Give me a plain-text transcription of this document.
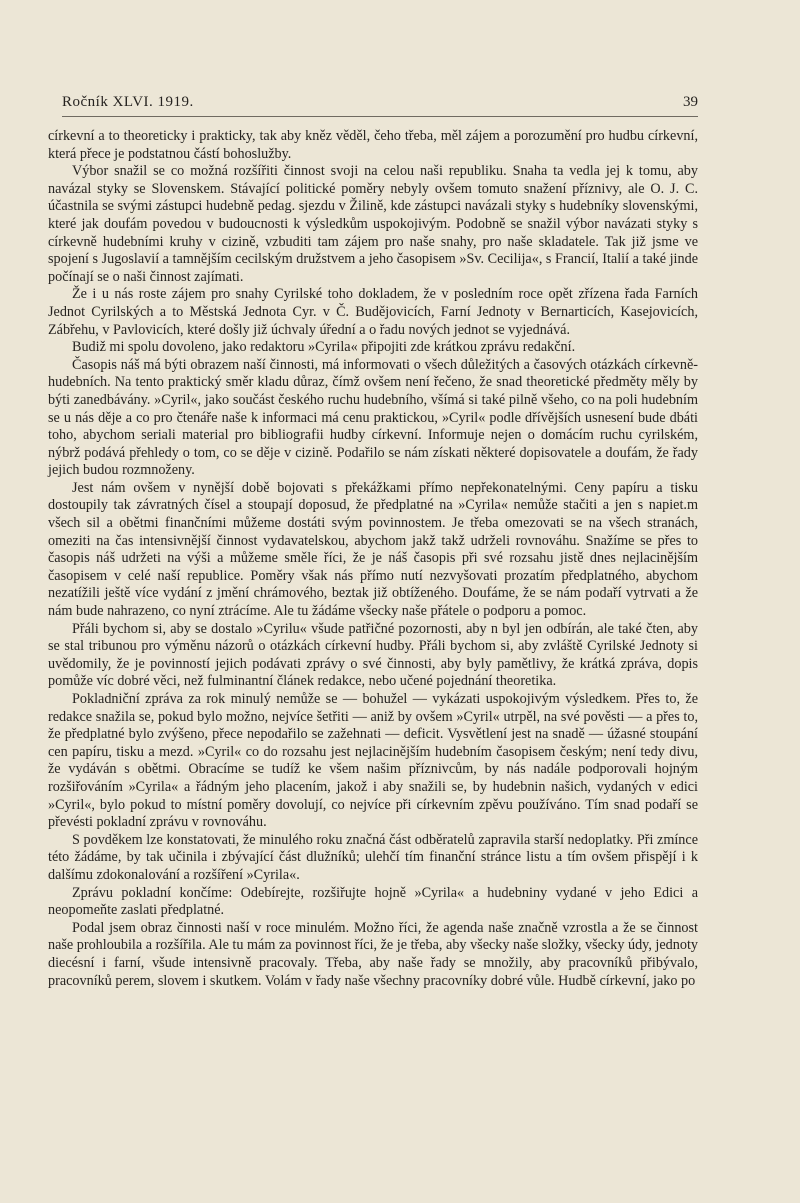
Ročník XLVI. 1919.	39

církevní a to theoreticky i prakticky, tak aby kněz věděl, čeho třeba, měl zájem a porozumění pro hudbu církevní, která přece je podstatnou částí bohoslužby.

Výbor snažil se co možná rozšířiti činnost svoji na celou naši republiku. Snaha ta vedla jej k tomu, aby navázal styky se Slovenskem. Stávající politické poměry nebyly ovšem tomuto snažení příznivy, ale O. J. C. účastnila se svými zástupci hudebně pedag. sjezdu v Žilině, kde zástupci navázali styky s hudebníky slovenskými, které jak doufám povedou v budoucnosti k výsledkům uspokojivým. Podobně se snažil výbor navázati styky s církevně hudebními kruhy v cizině, vzbuditi tam zájem pro naše snahy, pro naše skladatele. Tak již jsme ve spojení s Jugoslavií a tamnějším cecilským družstvem a jeho časopisem »Sv. Cecilija«, s Francií, Italií a také jinde počínají se o naši činnost zajímati.

Že i u nás roste zájem pro snahy Cyrilské toho dokladem, že v posledním roce opět zřízena řada Farních Jednot Cyrilských a to Městská Jednota Cyr. v Č. Budějovicích, Farní Jednoty v Bernarticích, Kasejovicích, Zábřehu, v Pavlovicích, které došly již úchvaly úřední a o řadu nových jednot se vyjednává.

Budiž mi spolu dovoleno, jako redaktoru »Cyrila« připojiti zde krátkou zprávu redakční.

Časopis náš má býti obrazem naší činnosti, má informovati o všech důležitých a časových otázkách církevně-hudebních. Na tento praktický směr kladu důraz, čímž ovšem není řečeno, že snad theoretické předměty měly by býti zanedbávány. »Cyril«, jako součást českého ruchu hudebního, všímá si také pilně všeho, co na poli hudebním se u nás děje a co pro čtenáře naše k informaci má cenu praktickou, »Cyril« podle dřívějších usnesení bude dbáti toho, abychom seriali material pro bibliografii hudby církevní. Informuje nejen o domácím ruchu cyrilském, nýbrž podává přehledy o tom, co se děje v cizině. Podařilo se nám získati některé dopisovatele a doufám, že řady jejich budou rozmnoženy.

Jest nám ovšem v nynější době bojovati s překážkami přímo nepřekonatelnými. Ceny papíru a tisku dostoupily tak závratných čísel a stoupají doposud, že předplatné na »Cyrila« nemůže stačiti a jen s napiet.m všech sil a obětmi finančními můžeme dostáti svým povinnostem. Je třeba omezovati se na všech stranách, omeziti na čas intensivnější činnost vydavatelskou, abychom jakž takž udrželi rovnováhu. Snažíme se přes to časopis náš udržeti na výši a můžeme směle říci, že je náš časopis při své rozsahu jistě dnes nejlacinějším časopisem v celé naší republice. Poměry však nás přímo nutí nezvyšovati prozatím předplatného, abychom nezatížili ještě více vydání z jmění chrámového, beztak již obtíženého. Doufáme, že se nám podaří vytrvati a že nám bude nahrazeno, co nyní ztrácíme. Ale tu žádáme všecky naše přátele o podporu a pomoc.

Přáli bychom si, aby se dostalo »Cyrilu« všude patřičné pozornosti, aby n byl jen odbírán, ale také čten, aby se stal tribunou pro výměnu názorů o otázkách církevní hudby. Přáli bychom si, aby zvláště Cyrilské Jednoty si uvědomily, že je povinností jejich podávati zprávy o své činnosti, aby byly pamětlivy, že krátká zpráva, dopis pomůže víc dobré věci, než fulminantní článek redakce, nebo učené pojednání theoretika.

Pokladniční zpráva za rok minulý nemůže se — bohužel — vykázati uspokojivým výsledkem. Přes to, že redakce snažila se, pokud bylo možno, nejvíce šetřiti — aniž by ovšem »Cyril« utrpěl, na své pověsti — a přes to, že předplatné bylo zvýšeno, přece nepodařilo se zažehnati — deficit. Vysvětlení jest na snadě — úžasné stoupání cen papíru, tisku a mezd. »Cyril« co do rozsahu jest nejlacinějším hudebním časopisem českým; není tedy divu, že vydáván s obětmi. Obracíme se tudíž ke všem našim příznivcům, by nás nadále podporovali hojným rozšiřováním »Cyrila« a řádným jeho placením, jakož i aby snažili se, by hudebnin našich, vydaných v edici »Cyril«, bylo pokud to místní poměry dovolují, co nejvíce při církevním zpěvu používáno. Tím snad podaří se převésti pokladní zprávu v rovnováhu.

S povděkem lze konstatovati, že minulého roku značná část odběratelů zapravila starší nedoplatky. Při zmínce této žádáme, by tak učinila i zbývající část dlužníků; ulehčí tím finanční stránce listu a tím ovšem přispějí i k dalšímu zdokonalování a rozšíření »Cyrila«.

Zprávu pokladní končíme: Odebírejte, rozšiřujte hojně »Cyrila« a hudebniny vydané v jeho Edici a neopomeňte zaslati předplatné.

Podal jsem obraz činnosti naší v roce minulém. Možno říci, že agenda naše značně vzrostla a že se činnost naše prohloubila a rozšířila. Ale tu mám za povinnost říci, že je třeba, aby všecky naše složky, všecky údy, jednoty diecésní i farní, všude intensivně pracovaly. Třeba, aby naše řady se množily, aby pracovníků přibývalo, pracovníků perem, slovem i skutkem. Volám v řady naše všechny pracovníky dobré vůle. Hudbě církevní, jako po
